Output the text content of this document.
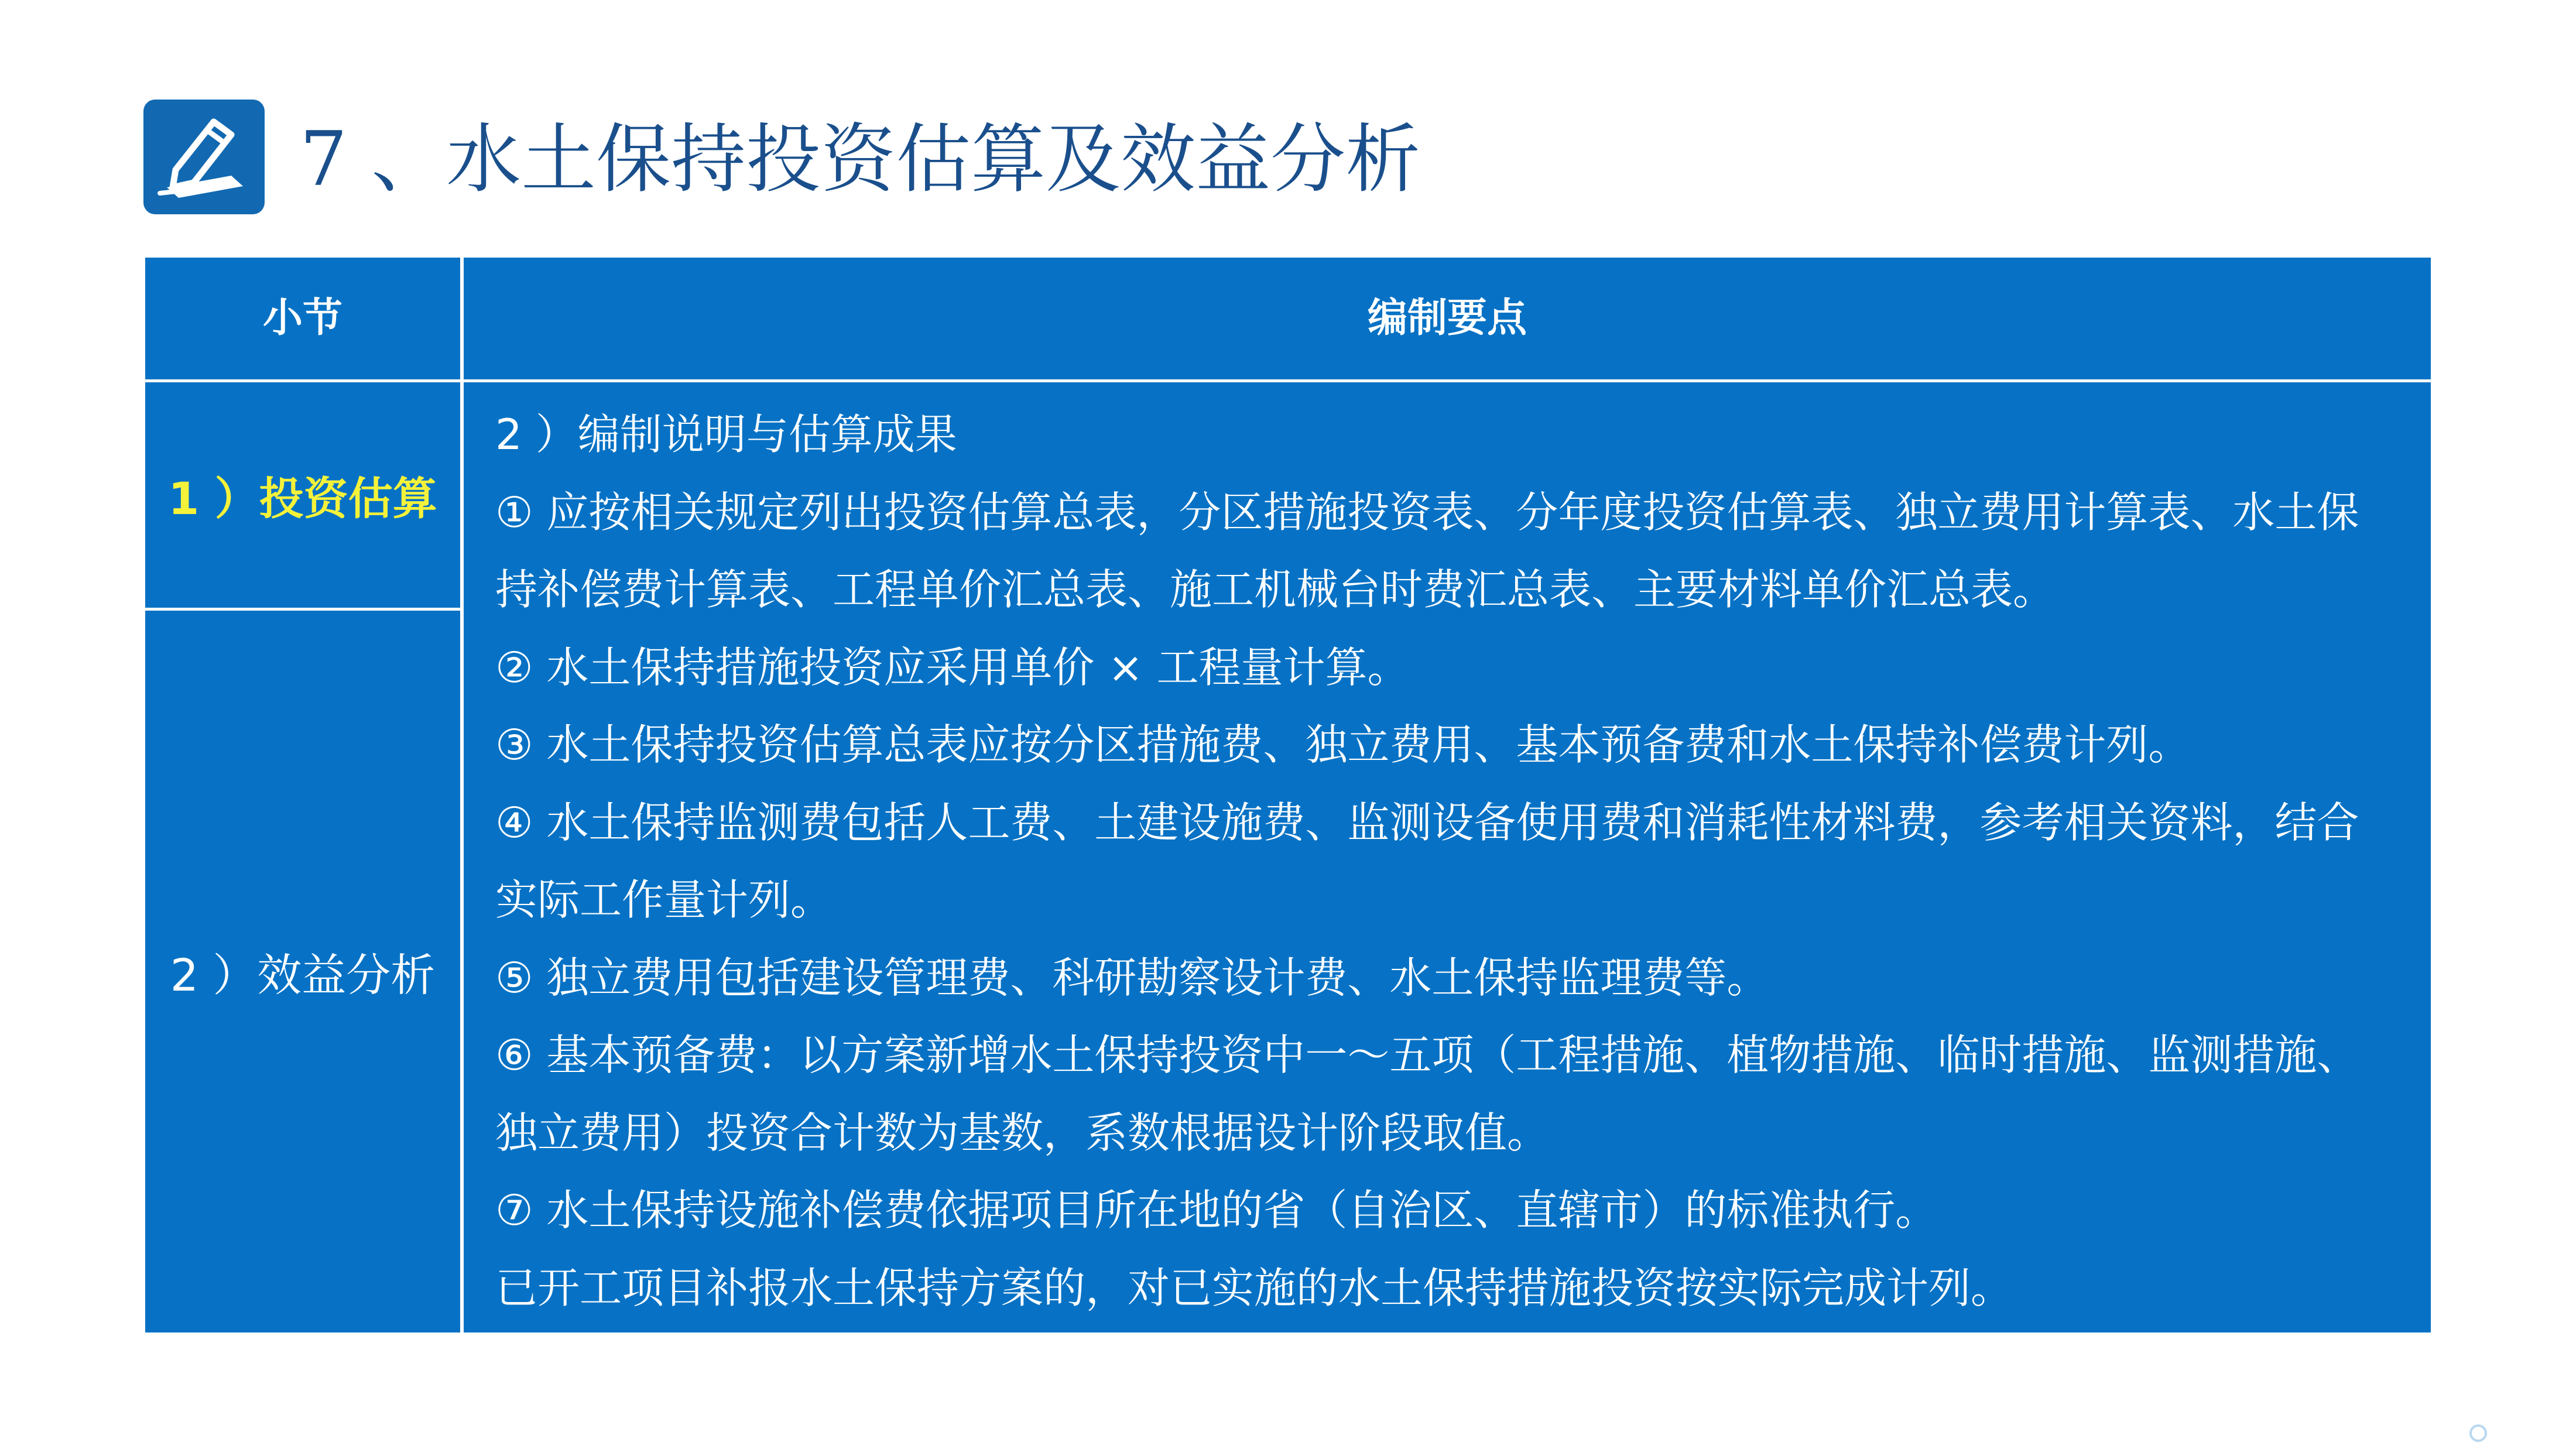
7 、水土保持投资估算及效益分析
小节	编制要点
1 ）投资估算
2 ）效益分析

2 ）编制说明与估算成果

① 应按相关规定列出投资估算总表，分区措施投资表、分年度投资估算表、独立费用计算表、水土保持补偿费计算表、工程单价汇总表、施工机械台时费汇总表、主要材料单价汇总表。

② 水土保持措施投资应采用单价 × 工程量计算。

③ 水土保持投资估算总表应按分区措施费、独立费用、基本预备费和水土保持补偿费计列。

④ 水土保持监测费包括人工费、土建设施费、监测设备使用费和消耗性材料费，参考相关资料，结合实际工作量计列。

⑤ 独立费用包括建设管理费、科研勘察设计费、水土保持监理费等。

⑥ 基本预备费：以方案新增水土保持投资中一～五项（工程措施、植物措施、临时措施、监测措施、独立费用）投资合计数为基数，系数根据设计阶段取值。

⑦ 水土保持设施补偿费依据项目所在地的省（自治区、直辖市）的标准执行。

已开工项目补报水土保持方案的，对已实施的水土保持措施投资按实际完成计列。
